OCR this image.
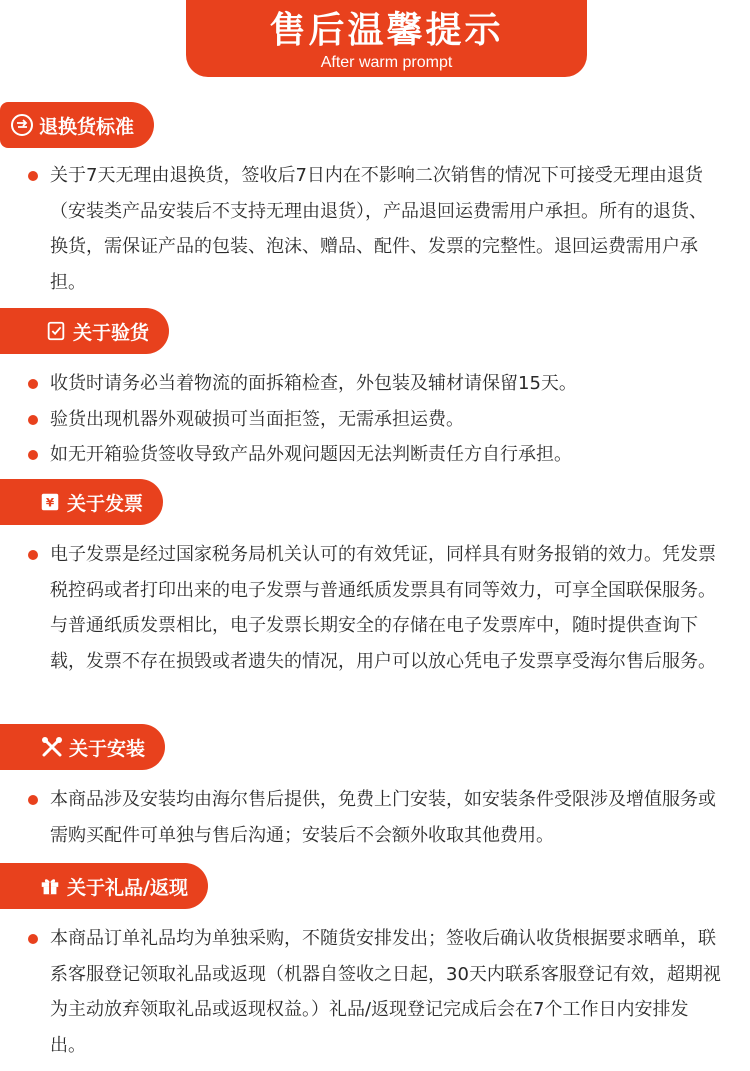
售后温馨提示
After warm prompt
退换货标准
关于7天无理由退换货，签收后7日内在不影响二次销售的情况下可接受无理由退货（安装类产品安装后不支持无理由退货），产品退回运费需用户承担。所有的退货、换货，需保证产品的包装、泡沫、赠品、配件、发票的完整性。退回运费需用户承担。
关于验货
收货时请务必当着物流的面拆箱检查，外包装及辅材请保留15天。
验货出现机器外观破损可当面拒签，无需承担运费。
如无开箱验货签收导致产品外观问题因无法判断责任方自行承担。
¥ 关于发票
电子发票是经过国家税务局机关认可的有效凭证，同样具有财务报销的效力。凭发票税控码或者打印出来的电子发票与普通纸质发票具有同等效力，可享全国联保服务。与普通纸质发票相比，电子发票长期安全的存储在电子发票库中，随时提供查询下载，发票不存在损毁或者遗失的情况，用户可以放心凭电子发票享受海尔售后服务。
关于安装
本商品涉及安装均由海尔售后提供，免费上门安装，如安装条件受限涉及增值服务或需购买配件可单独与售后沟通；安装后不会额外收取其他费用。
关于礼品/返现
本商品订单礼品均为单独采购，不随货安排发出；签收后确认收货根据要求晒单，联系客服登记领取礼品或返现（机器自签收之日起，30天内联系客服登记有效，超期视为主动放弃领取礼品或返现权益。）礼品/返现登记完成后会在7个工作日内安排发出。
